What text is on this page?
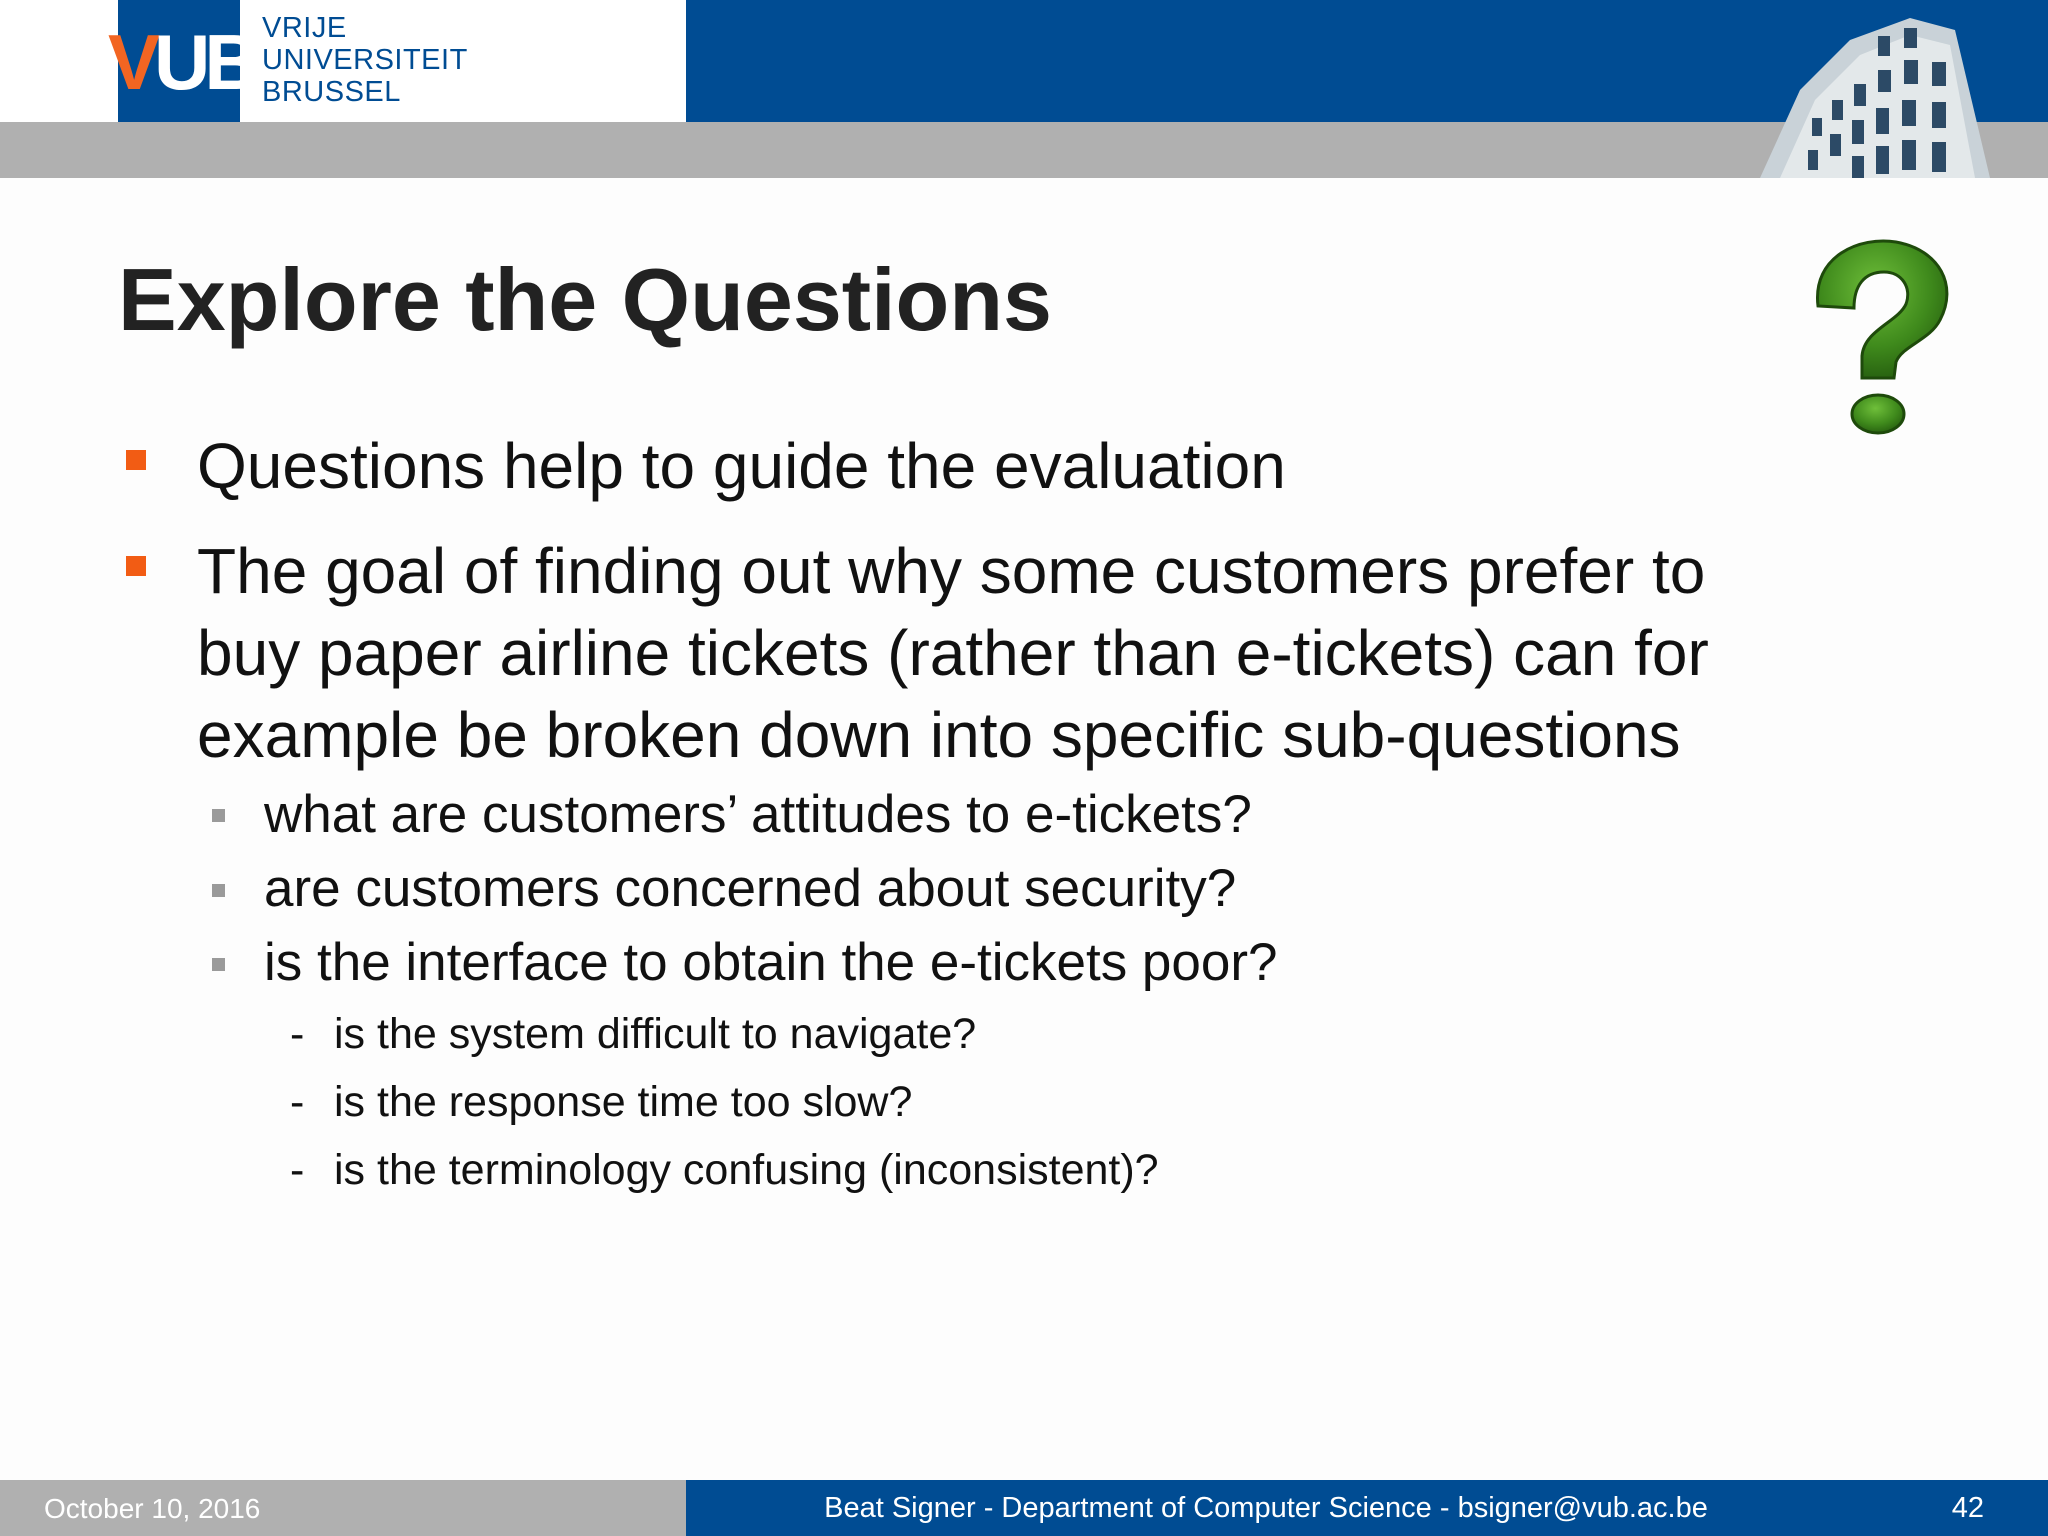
VUB VRIJE
UNIVERSITEIT
BRUSSEL
Explore the Questions
Questions help to guide the evaluation
The goal of finding out why some customers prefer to
buy paper airline tickets (rather than e-tickets) can for
example be broken down into specific sub-questions
what are customers’ attitudes to e-tickets?
are customers concerned about security?
is the interface to obtain the e-tickets poor?
- is the system difficult to navigate?
- is the response time too slow?
- is the terminology confusing (inconsistent)?
October 10, 2016	Beat Signer - Department of Computer Science - bsigner@vub.ac.be	42
